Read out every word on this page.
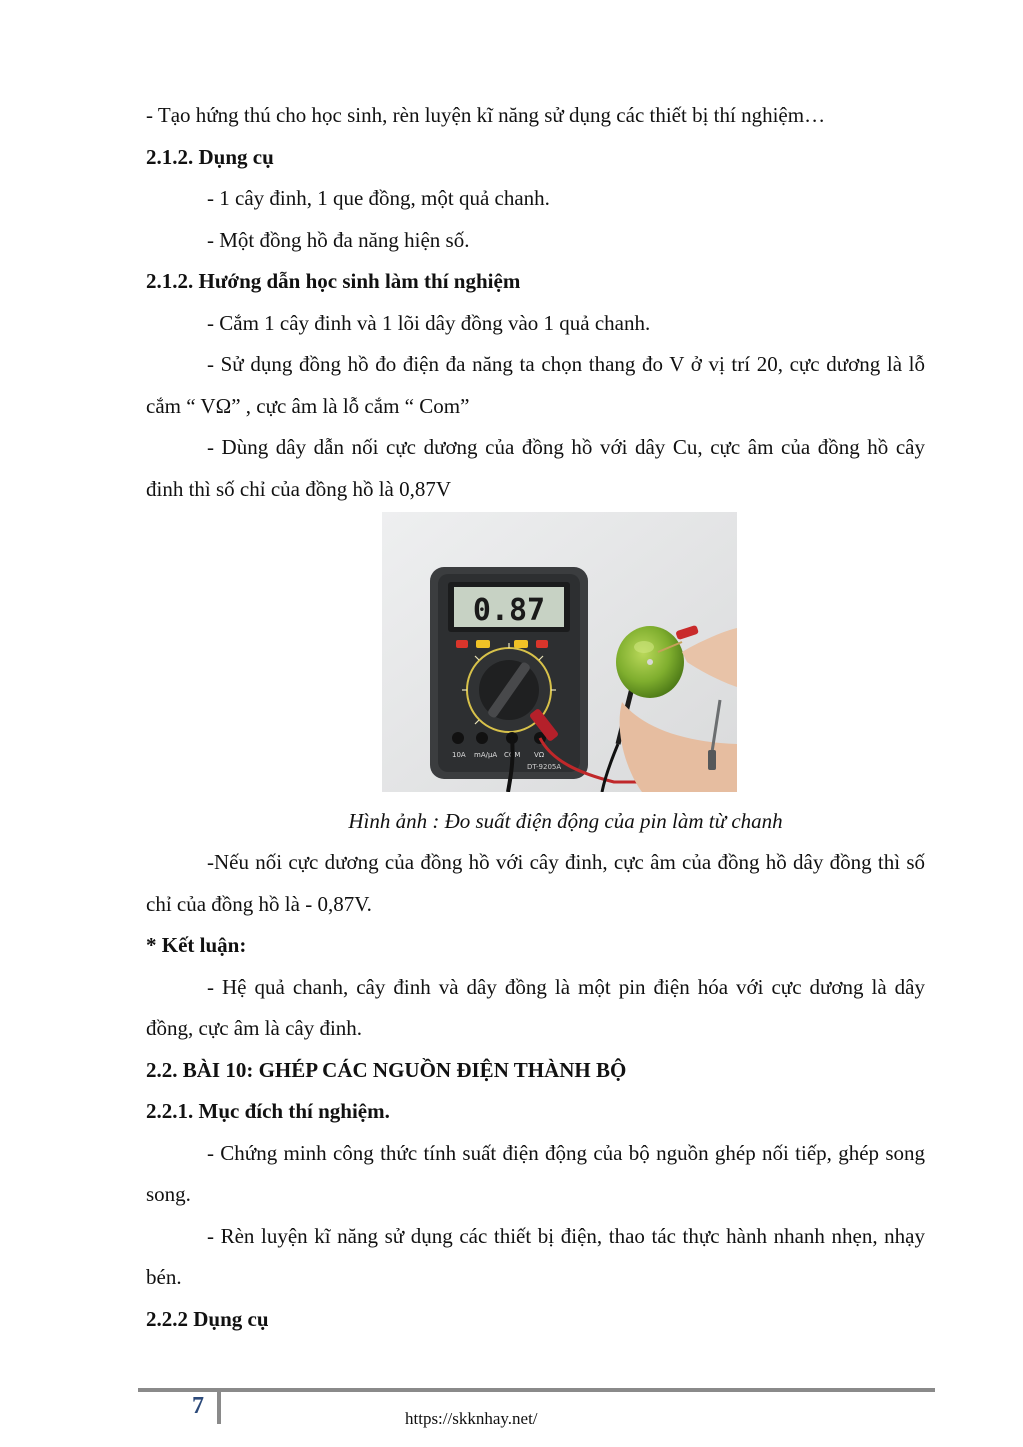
- Tạo hứng thú cho học sinh, rèn luyện kĩ năng sử dụng các thiết bị thí nghiệm…

2.1.2. Dụng cụ

- 1 cây đinh, 1 que đồng, một quả chanh.

- Một đồng hồ đa năng hiện số.

2.1.2. Hướng dẫn học sinh làm thí nghiệm

- Cắm 1 cây đinh và 1 lõi dây đồng vào 1 quả chanh.

- Sử dụng đồng hồ đo điện đa năng ta chọn thang đo V ở vị trí 20, cực dương là lỗ cắm “ VΩ” , cực âm là lỗ cắm “ Com”

- Dùng dây dẫn nối cực dương của đồng hồ với dây Cu, cực âm của đồng hồ cây đinh thì số chỉ của đồng hồ là 0,87V

0.87
10A mA/μA COM VΩ
DT-9205A
Hình ảnh : Đo suất điện động của pin làm từ chanh

-Nếu nối cực dương của đồng hồ với cây đinh, cực âm của đồng hồ dây đồng thì số chỉ của đồng hồ là - 0,87V.

* Kết luận:

- Hệ quả chanh, cây đinh và dây đồng là một pin điện hóa với cực dương là dây đồng, cực âm là cây đinh.

2.2. BÀI 10: GHÉP CÁC NGUỒN ĐIỆN THÀNH BỘ

2.2.1. Mục đích thí nghiệm.

- Chứng minh công thức tính suất điện động của bộ nguồn ghép nối tiếp, ghép song song.

- Rèn luyện kĩ năng sử dụng các thiết bị điện, thao tác thực hành nhanh nhẹn, nhạy bén.

2.2.2 Dụng cụ

7	https://skknhay.net/
